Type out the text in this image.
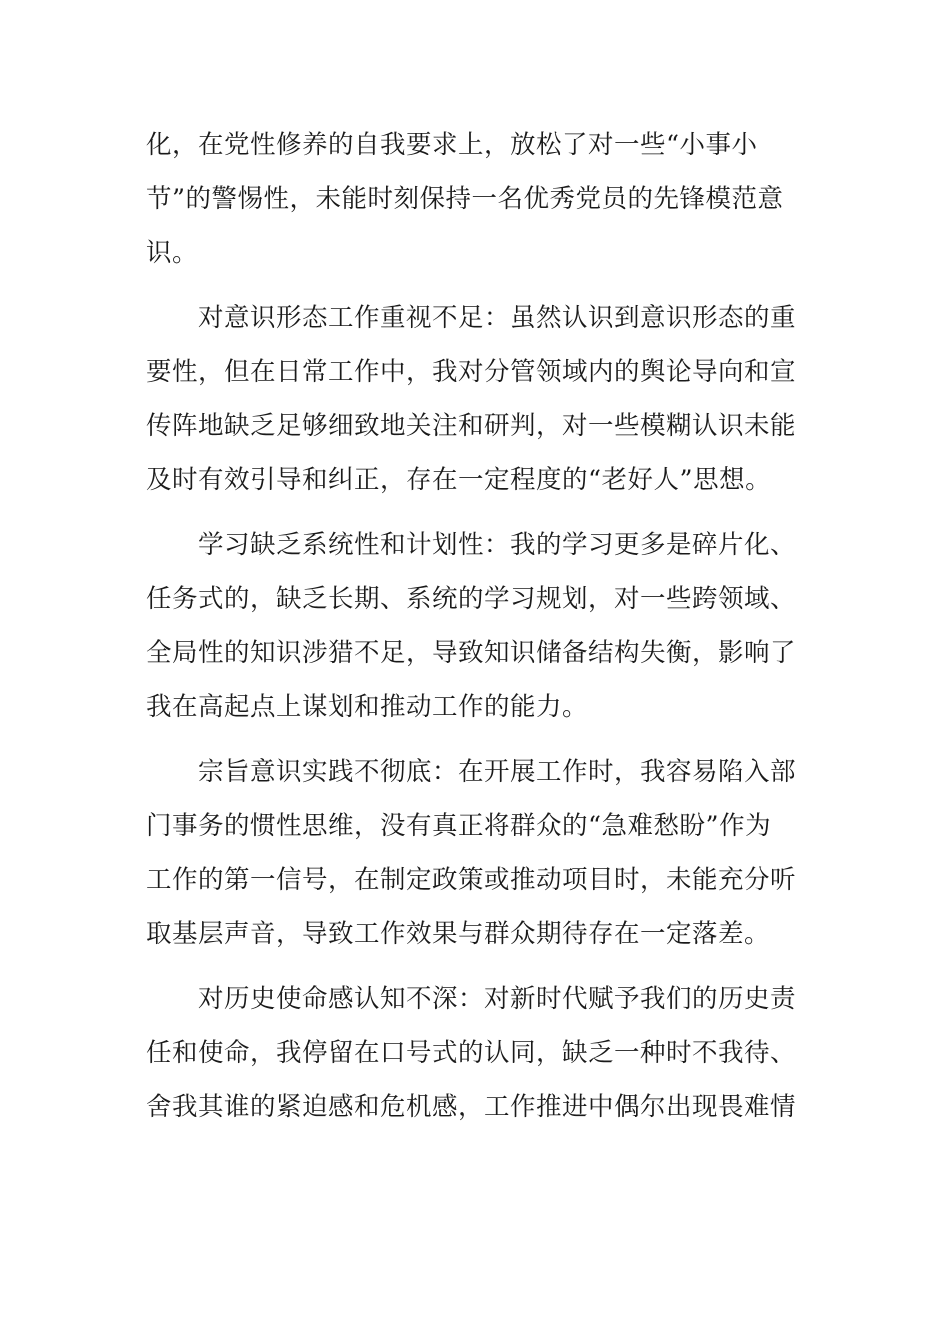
化，在党性修养的自我要求上，放松了对一些“小事小
节”的警惕性，未能时刻保持一名优秀党员的先锋模范意
识。
对意识形态工作重视不足：虽然认识到意识形态的重
要性，但在日常工作中，我对分管领域内的舆论导向和宣
传阵地缺乏足够细致地关注和研判，对一些模糊认识未能
及时有效引导和纠正，存在一定程度的“老好人”思想。
学习缺乏系统性和计划性：我的学习更多是碎片化、
任务式的，缺乏长期、系统的学习规划，对一些跨领域、
全局性的知识涉猎不足，导致知识储备结构失衡，影响了
我在高起点上谋划和推动工作的能力。
宗旨意识实践不彻底：在开展工作时，我容易陷入部
门事务的惯性思维，没有真正将群众的“急难愁盼”作为
工作的第一信号，在制定政策或推动项目时，未能充分听
取基层声音，导致工作效果与群众期待存在一定落差。
对历史使命感认知不深：对新时代赋予我们的历史责
任和使命，我停留在口号式的认同，缺乏一种时不我待、
舍我其谁的紧迫感和危机感，工作推进中偶尔出现畏难情
